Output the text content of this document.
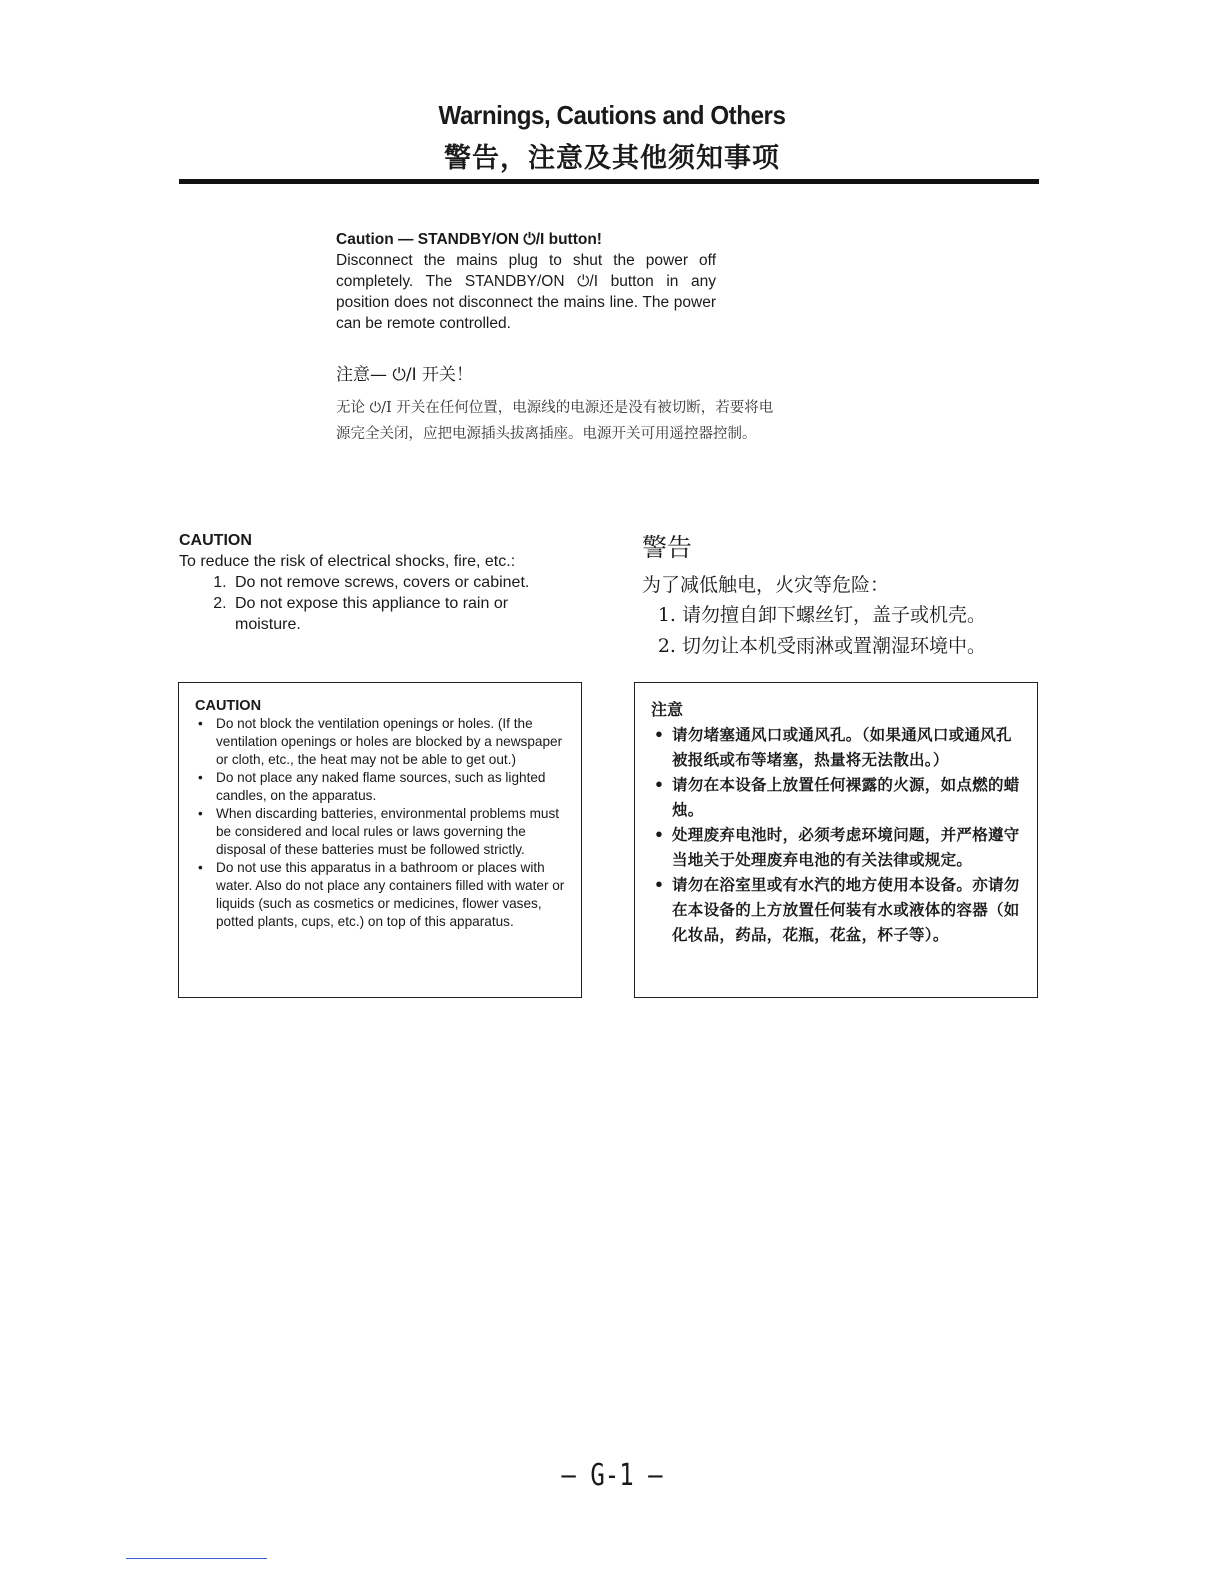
Warnings, Cautions and Others
警告，注意及其他须知事项
Caution — STANDBY/ON ⏻/I button!
Disconnect the mains plug to shut the power off completely. The STANDBY/ON ⏻/I button in any position does not disconnect the mains line. The power can be remote controlled.
注意— ⏻/I 开关！
无论 ⏻/I 开关在任何位置，电源线的电源还是没有被切断，若要将电源完全关闭，应把电源插头拔离插座。电源开关可用遥控器控制。
CAUTION
To reduce the risk of electrical shocks, fire, etc.:
1. Do not remove screws, covers or cabinet.
2. Do not expose this appliance to rain or moisture.
警告
为了减低触电，火灾等危险：
1. 请勿擅自卸下螺丝钉，盖子或机壳。
2. 切勿让本机受雨淋或置潮湿环境中。
CAUTION
• Do not block the ventilation openings or holes. (If the ventilation openings or holes are blocked by a newspaper or cloth, etc., the heat may not be able to get out.)
• Do not place any naked flame sources, such as lighted candles, on the apparatus.
• When discarding batteries, environmental problems must be considered and local rules or laws governing the disposal of these batteries must be followed strictly.
• Do not use this apparatus in a bathroom or places with water. Also do not place any containers filled with water or liquids (such as cosmetics or medicines, flower vases, potted plants, cups, etc.) on top of this apparatus.
注意
• 请勿堵塞通风口或通风孔。（如果通风口或通风孔被报纸或布等堵塞，热量将无法散出。）
• 请勿在本设备上放置任何裸露的火源，如点燃的蜡烛。
• 处理废弃电池时，必须考虑环境问题，并严格遵守当地关于处理废弃电池的有关法律或规定。
• 请勿在浴室里或有水汽的地方使用本设备。亦请勿在本设备的上方放置任何装有水或液体的容器（如化妆品，药品，花瓶，花盆，杯子等）。
– G-1 –
